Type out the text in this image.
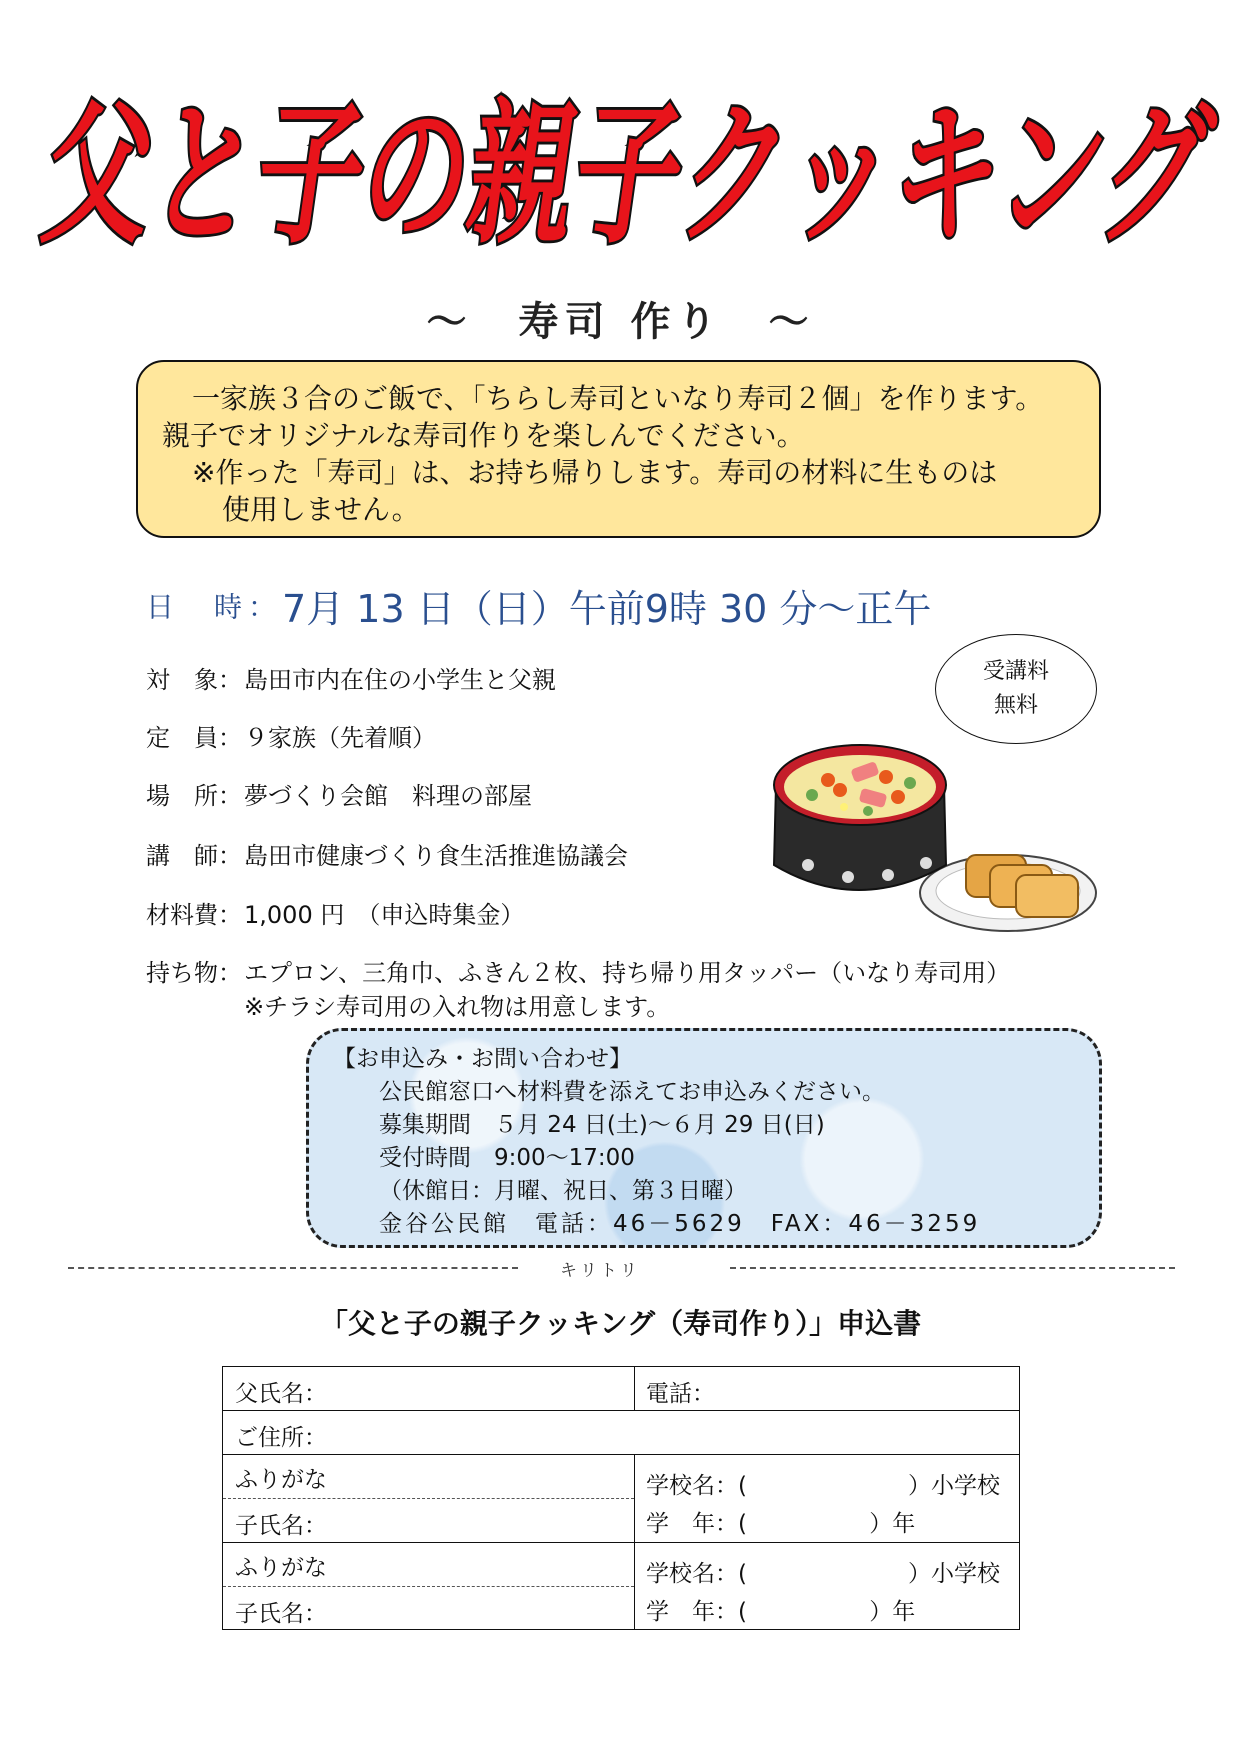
父と子の親子クッキング
～　寿司 作り　～

一家族３合のご飯で、「ちらし寿司といなり寿司２個」を作ります。

親子でオリジナルな寿司作りを楽しんでください。

※作った「寿司」は、お持ち帰りします。寿司の材料に生ものは

使用しません。

日　時：7月 13 日（日）午前9時 30 分～正午
受講料
無料
対　象：島田市内在住の小学生と父親
定　員：９家族（先着順）
場　所：夢づくり会館　料理の部屋
講　師：島田市健康づくり食生活推進協議会
材料費：1,000 円　（申込時集金）
持ち物：エプロン、三角巾、ふきん２枚、持ち帰り用タッパー（いなり寿司用）
※チラシ寿司用の入れ物は用意します。

【お申込み・お問い合わせ】

公民館窓口へ材料費を添えてお申込みください。

募集期間　５月 24 日(土)～６月 29 日(日)

受付時間　9:00～17:00

（休館日：月曜、祝日、第３日曜）

金谷公民館　電話：46－5629　FAX：46－3259

キリトリ
「父と子の親子クッキング（寿司作り）」申込書
父氏名：	電話：
ご住所：
ふりがな
子氏名：
学校名：(　　　　　　　）小学校
学　年：(　　　　　 ）年
ふりがな
子氏名：
学校名：(　　　　　　　）小学校
学　年：(　　　　　 ）年
